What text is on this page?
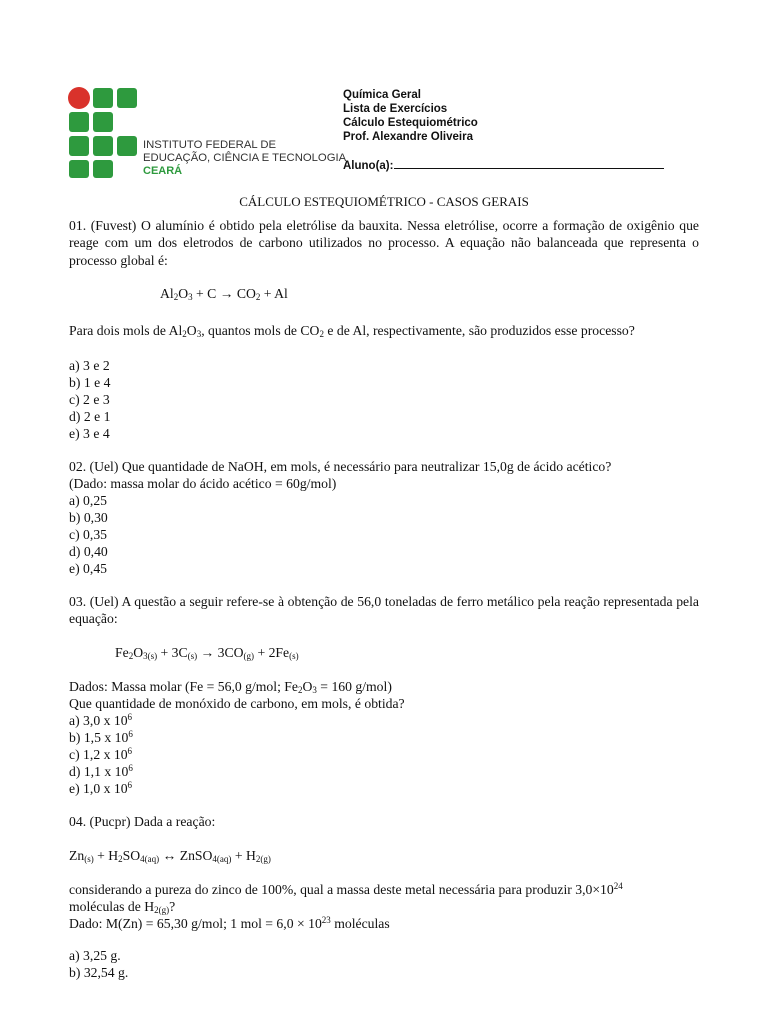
INSTITUTO FEDERAL DE
EDUCAÇÃO, CIÊNCIA E TECNOLOGIA
CEARÁ
Química Geral
Lista de Exercícios
Cálculo Estequiométrico
Prof. Alexandre Oliveira
Aluno(a):
CÁLCULO ESTEQUIOMÉTRICO - CASOS GERAIS
01. (Fuvest) O alumínio é obtido pela eletrólise da bauxita. Nessa eletrólise, ocorre a formação de oxigênio que reage com um dos eletrodos de carbono utilizados no processo. A equação não balanceada que representa o processo global é:
$Al_2O_3 + C \to CO_2 + Al$
Para dois mols de $Al_2O_3$, quantos mols de $CO_2$ e de Al, respectivamente, são produzidos esse processo?
a) 3 e 2
b) 1 e 4
c) 2 e 3
d) 2 e 1
e) 3 e 4
02. (Uel) Que quantidade de NaOH, em mols, é necessário para neutralizar 15,0g de ácido acético?
(Dado: massa molar do ácido acético = 60g/mol)
a) 0,25
b) 0,30
c) 0,35
d) 0,40
e) 0,45
03. (Uel) A questão a seguir refere-se à obtenção de 56,0 toneladas de ferro metálico pela reação representada pela equação:
$Fe_2O_{3(s)} + 3C_{(s)} \to 3CO_{(g)} + 2Fe_{(s)}$
Dados: Massa molar (Fe = 56,0 g/mol; $Fe_2O_3 = 160$ g/mol)
Que quantidade de monóxido de carbono, em mols, é obtida?
a) 3,0 x $10^6$
b) 1,5 x $10^6$
c) 1,2 x $10^6$
d) 1,1 x $10^6$
e) 1,0 x $10^6$
04. (Pucpr) Dada a reação:
$Zn_{(s)} + H_2SO_{4(aq)}$ ↔ ZnSO$_{4(aq)}$ + $H_{2(g)}$
considerando a pureza do zinco de 100%, qual a massa deste metal necessária para produzir $3,0\times 10^{24}$
moléculas de $H_{2(g)}$?
Dado: M(Zn) = 65,30 g/mol; 1 mol = $6,0 \times 10^{23}$ moléculas
a) 3,25 g.
b) 32,54 g.
